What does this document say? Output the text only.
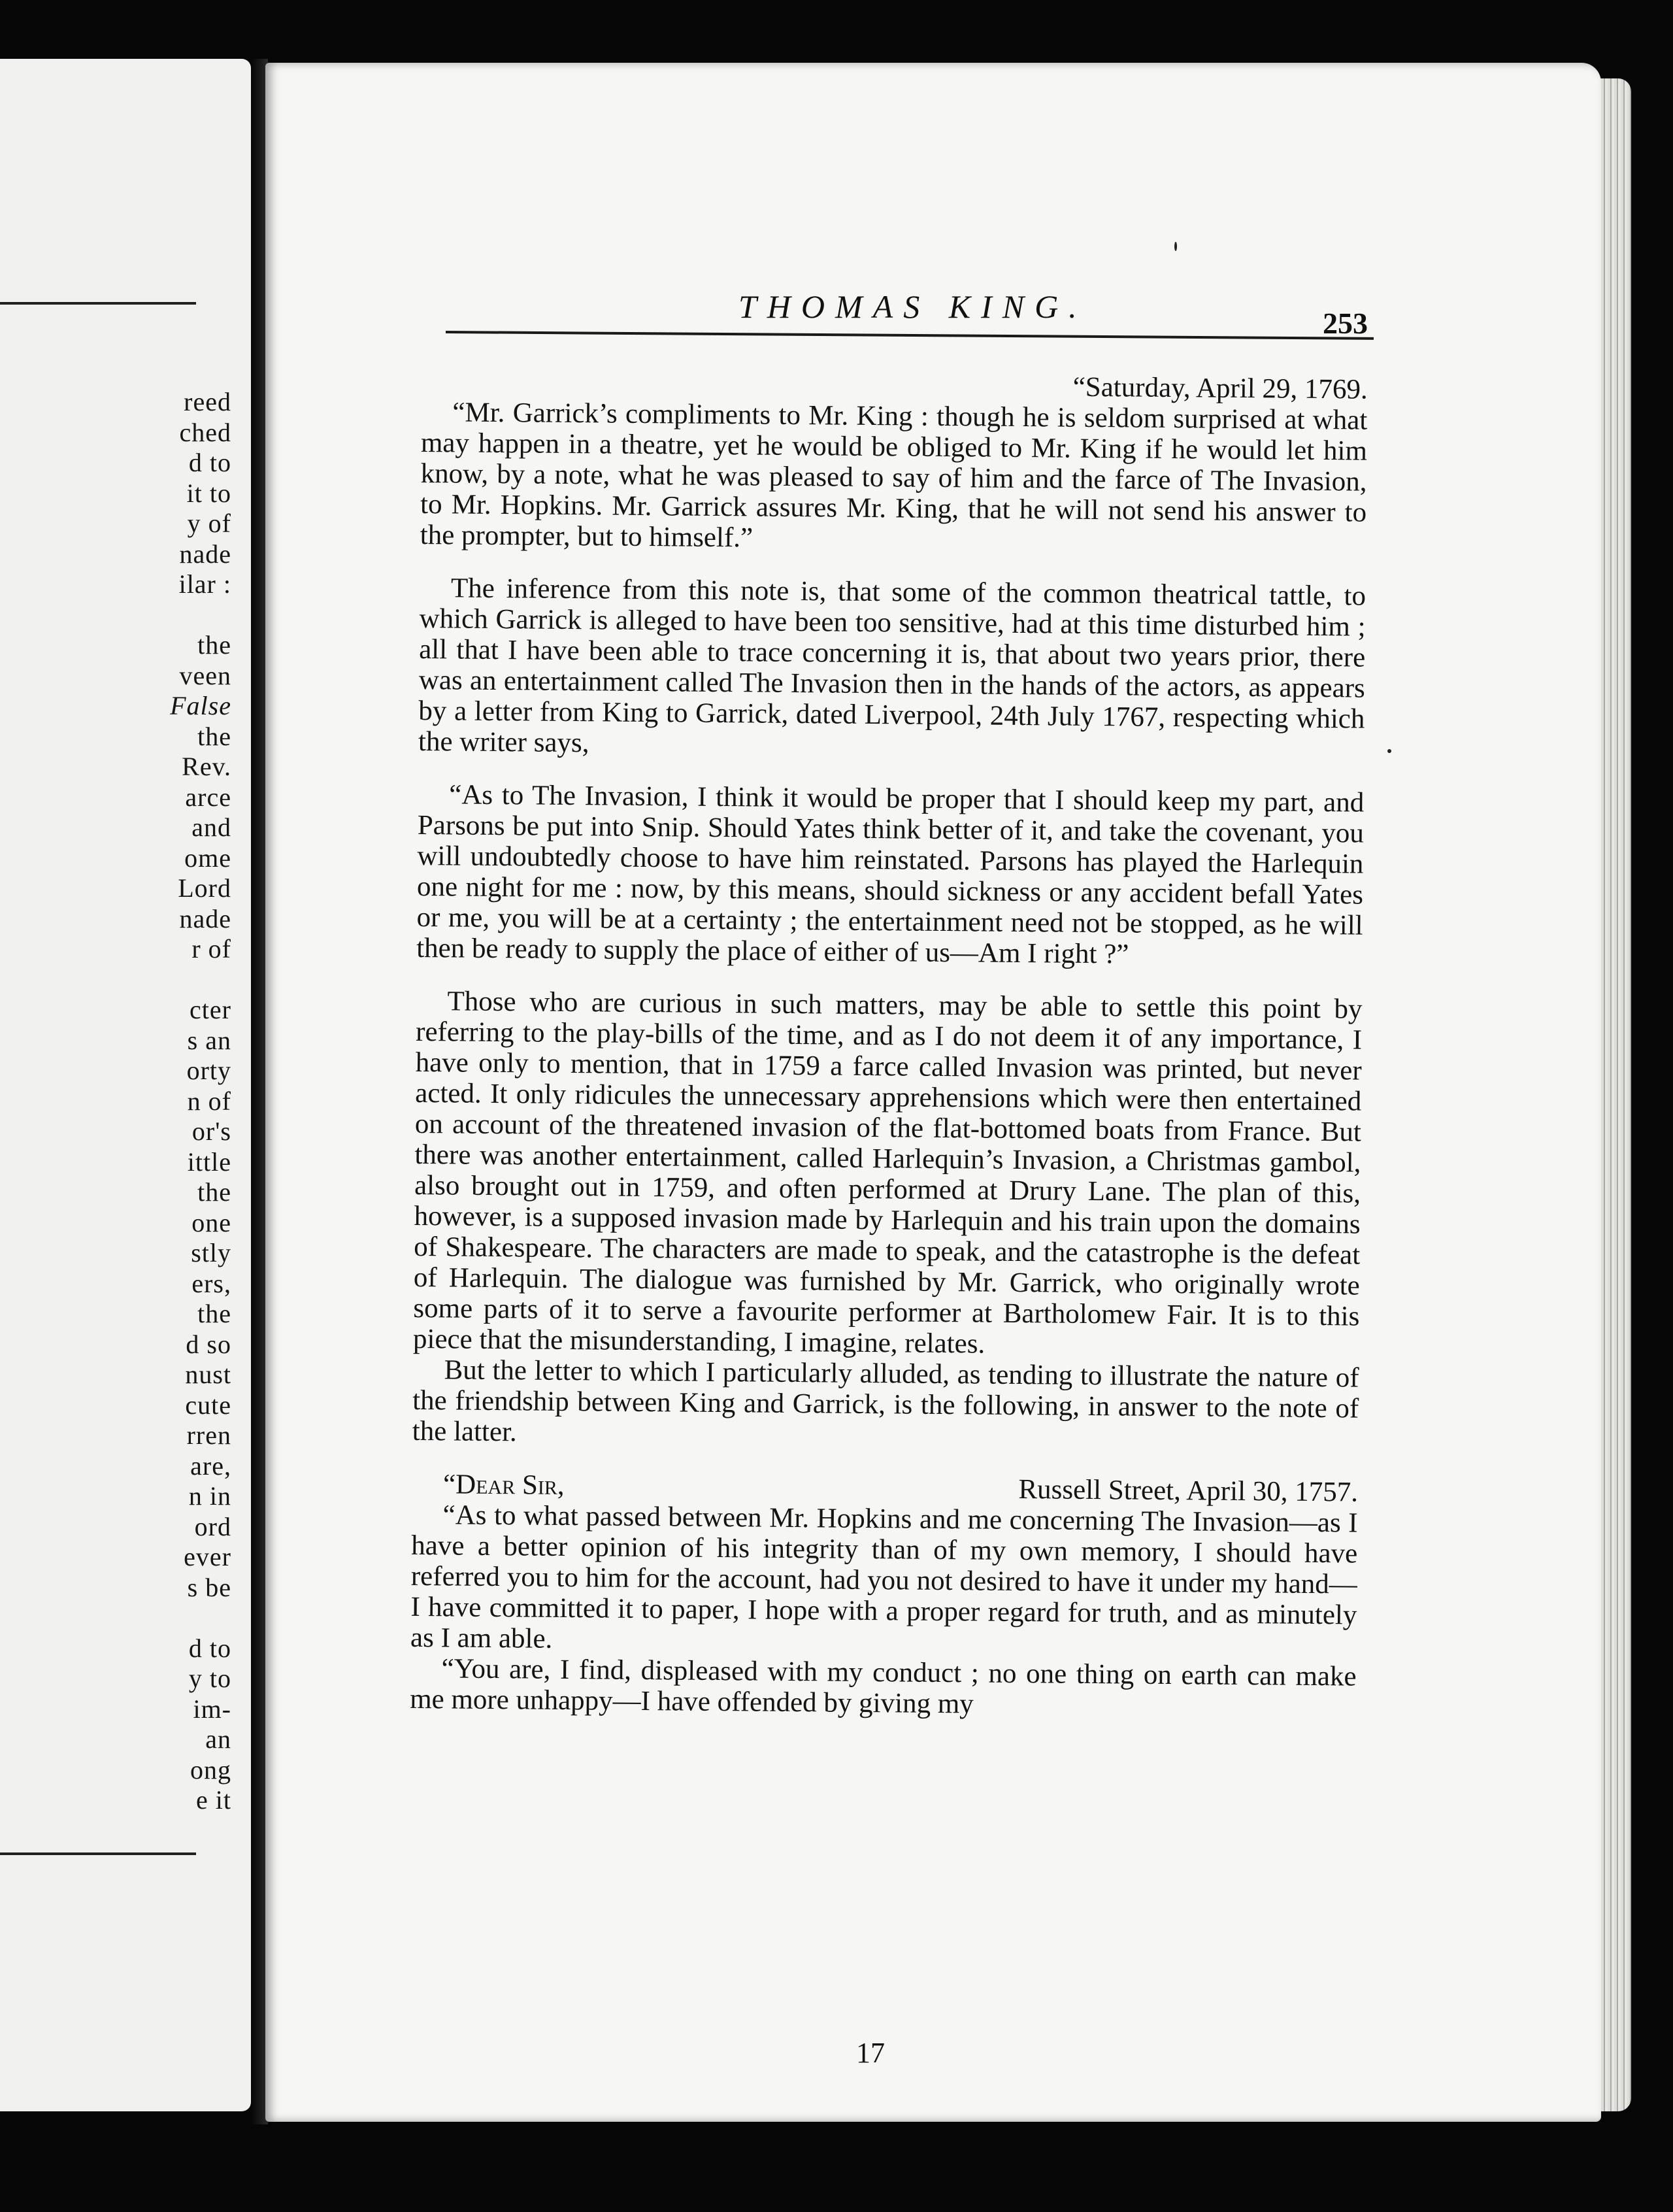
reed
ched
d to
it to
y of
nade
ilar :

the
veen
False
the
Rev.
arce
and
ome
Lord
nade
r of

cter
s an
orty
n of
or's
ittle
the
one
stly
ers,
the
d so
nust
cute
rren
are,
n in
ord
ever
s be

d to
y to
im-
an
ong
e it
THOMAS KING.	253

“Saturday, April 29, 1769.

“Mr. Garrick’s compliments to Mr. King : though he is seldom surprised at what may happen in a theatre, yet he would be obliged to Mr. King if he would let him know, by a note, what he was pleased to say of him and the farce of The Invasion, to Mr. Hopkins. Mr. Garrick assures Mr. King, that he will not send his answer to the prompter, but to himself.”

The inference from this note is, that some of the common theatrical tattle, to which Garrick is alleged to have been too sensitive, had at this time disturbed him ; all that I have been able to trace concerning it is, that about two years prior, there was an entertainment called The Invasion then in the hands of the actors, as appears by a letter from King to Garrick, dated Liverpool, 24th July 1767, respecting which the writer says,

“As to The Invasion, I think it would be proper that I should keep my part, and Parsons be put into Snip. Should Yates think better of it, and take the covenant, you will undoubtedly choose to have him reinstated. Parsons has played the Harlequin one night for me : now, by this means, should sickness or any accident befall Yates or me, you will be at a certainty ; the entertainment need not be stopped, as he will then be ready to supply the place of either of us—Am I right ?”

Those who are curious in such matters, may be able to settle this point by referring to the play-bills of the time, and as I do not deem it of any importance, I have only to mention, that in 1759 a farce called Invasion was printed, but never acted. It only ridicules the unnecessary apprehensions which were then entertained on account of the threatened invasion of the flat-bottomed boats from France. But there was another entertainment, called Harlequin’s Invasion, a Christmas gambol, also brought out in 1759, and often performed at Drury Lane. The plan of this, however, is a supposed invasion made by Harlequin and his train upon the domains of Shakespeare. The characters are made to speak, and the catastrophe is the defeat of Harlequin. The dialogue was furnished by Mr. Garrick, who originally wrote some parts of it to serve a favourite performer at Bartholomew Fair. It is to this piece that the misunderstanding, I imagine, relates.

But the letter to which I particularly alluded, as tending to illustrate the nature of the friendship between King and Garrick, is the following, in answer to the note of the latter.

“Dear Sir,	Russell Street, April 30, 1757.

“As to what passed between Mr. Hopkins and me concerning The Invasion—as I have a better opinion of his integrity than of my own memory, I should have referred you to him for the account, had you not desired to have it under my hand—I have committed it to paper, I hope with a proper regard for truth, and as minutely as I am able.

“You are, I find, displeased with my conduct ; no one thing on earth can make me more unhappy—I have offended by giving my

17
